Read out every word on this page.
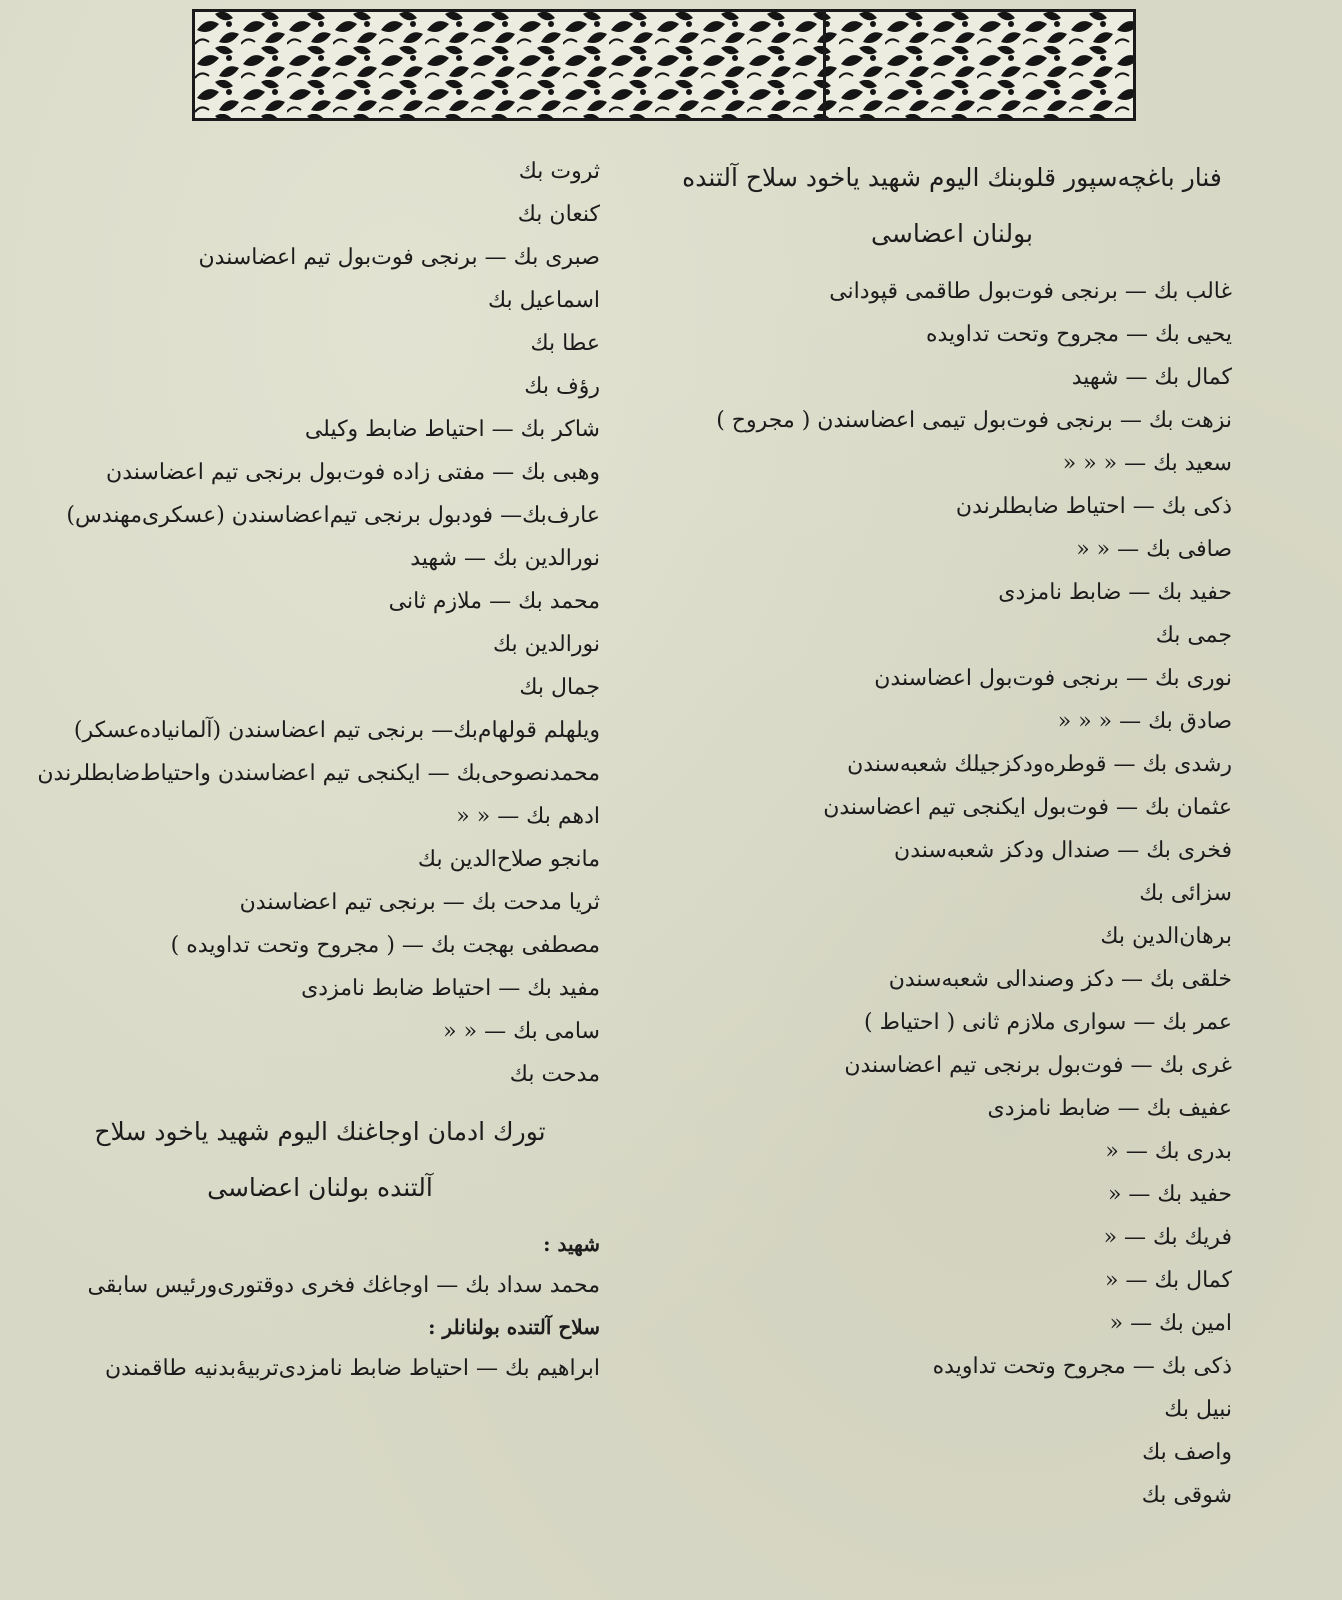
فنار باغچه‌سپور قلوبنك اليوم شهيد ياخود سلاح آلتنده
بولنان اعضاسی
غالب بك — برنجی فوت‌بول طاقمی قپودانی
يحيی بك — مجروح وتحت تداويده
كمال بك — شهيد
نزهت بك — برنجی فوت‌بول تيمی اعضاسندن ( مجروح )
سعيد بك — « « «
ذكی بك — احتياط ضابطلرندن
صافی بك — « «
حفيد بك — ضابط نامزدی
جمی بك
نوری بك — برنجی فوت‌بول اعضاسندن
صادق بك — « « «
رشدی بك — قوطره‌ودكزجيلك شعبه‌سندن
عثمان بك — فوت‌بول ايكنجی تيم اعضاسندن
فخری بك — صندال ودكز شعبه‌سندن
سزائی بك
برهان‌الدين بك
خلقی بك — دكز وصندالی شعبه‌سندن
عمر بك — سواری ملازم ثانی ( احتياط )
غری بك — فوت‌بول برنجی تيم اعضاسندن
عفيف بك — ضابط نامزدی
بدری بك — «
حفيد بك — «
فريك بك — «
كمال بك — «
امين بك — «
ذكی بك — مجروح وتحت تداويده
نبيل بك
واصف بك
شوقی بك
ثروت بك
كنعان بك
صبری بك — برنجی فوت‌بول تيم اعضاسندن
اسماعيل بك
عطا بك
رؤف بك
شاكر بك — احتياط ضابط وكيلی
وهبی بك — مفتی زاده فوت‌بول برنجی تيم اعضاسندن
عارف‌بك— فودبول برنجی تيم‌اعضاسندن (عسكری‌مهندس)
نورالدين بك — شهيد
محمد بك — ملازم ثانی
نورالدين بك
جمال بك
ويلهلم قولهام‌بك— برنجی تيم اعضاسندن (آلمانياده‌عسكر)
محمدنصوحی‌بك — ايكنجی تيم اعضاسندن واحتياط‌ضابطلرندن
ادهم بك — « «
مانجو صلاح‌الدين بك
ثريا مدحت بك — برنجی تيم اعضاسندن
مصطفی بهجت بك — ( مجروح وتحت تداويده )
مفيد بك — احتياط ضابط نامزدی
سامی بك — « «
مدحت بك
تورك ادمان اوجاغنك اليوم شهيد ياخود سلاح
آلتنده بولنان اعضاسی
شهيد :
محمد سداد بك — اوجاغك فخری دوقتوری‌ورئيس سابقی
سلاح آلتنده بولنانلر :
ابراهيم بك — احتياط ضابط نامزدی‌تربيهٔ‌بدنيه طاقمندن
